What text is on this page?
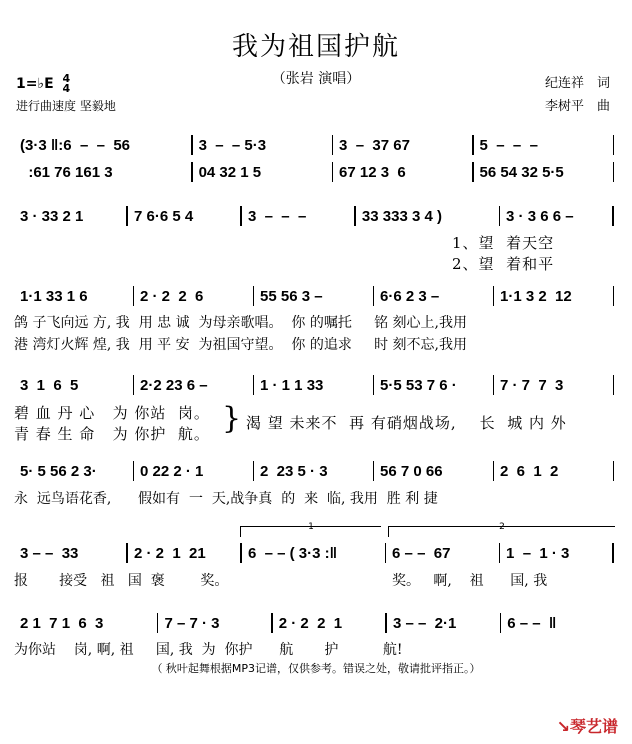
我为祖国护航
（张岩 演唱）
1=♭E 4
4
进行曲速度 坚毅地
纪连祥　词
李树平　曲
(3·3 ‖:6  –  –  56	3  –  – 5·3	3  –  37 67	5  –  –  –
:61 76 161 3	04 32 1 5	67 12 3  6	56 54 32 5·5
3 · 33 2 1	7 6·6 5 4	3  –  –  –	33 333 3 4 )	3 · 3 6 6 –
1、望  着天空
2、望  着和平
1·1 33 1 6	2 · 2  2  6	55 56 3 –	6·6 2 3 –	1·1 3 2  12
鸽 子飞向远 方, 我  用 忠 诚  为母亲歌唱。  你 的嘱托     铭 刻心上,我用
港 湾灯火辉 煌, 我  用 平 安  为祖国守望。  你 的追求     时 刻不忘,我用
3  1  6  5	2·2 23 6 –	1 · 1 1 33	5·5 53 7 6 ·	7 · 7  7  3
碧 血 丹 心   为 你站  岗。
青 春 生 命   为 你护  航。 } 渴 望 未来不  再 有硝烟战场,    长  城 内 外
5· 5 56 2 3·	0 22 2 · 1	2  23 5 · 3	56 7 0 66	2  6  1  2
永  远鸟语花香,      假如有  一  天,战争真  的  来  临, 我用  胜 利 捷
1	2
3 – –  33	2 · 2  1  21	6  – – ( 3·3 :‖	6 – –  67	1  –  1 · 3
报       接受   祖   国  褒        奖。	奖。   啊,    祖      国, 我
2 1  7 1  6  3	7 – 7 · 3	2 · 2  2  1	3 – –  2·1	6 – –  ‖
为你站    岗, 啊, 祖     国, 我  为  你护      航       护          航!
（ 秋叶起舞根据MP3记谱，仅供参考。错误之处，敬请批评指正。）
↘琴艺谱
